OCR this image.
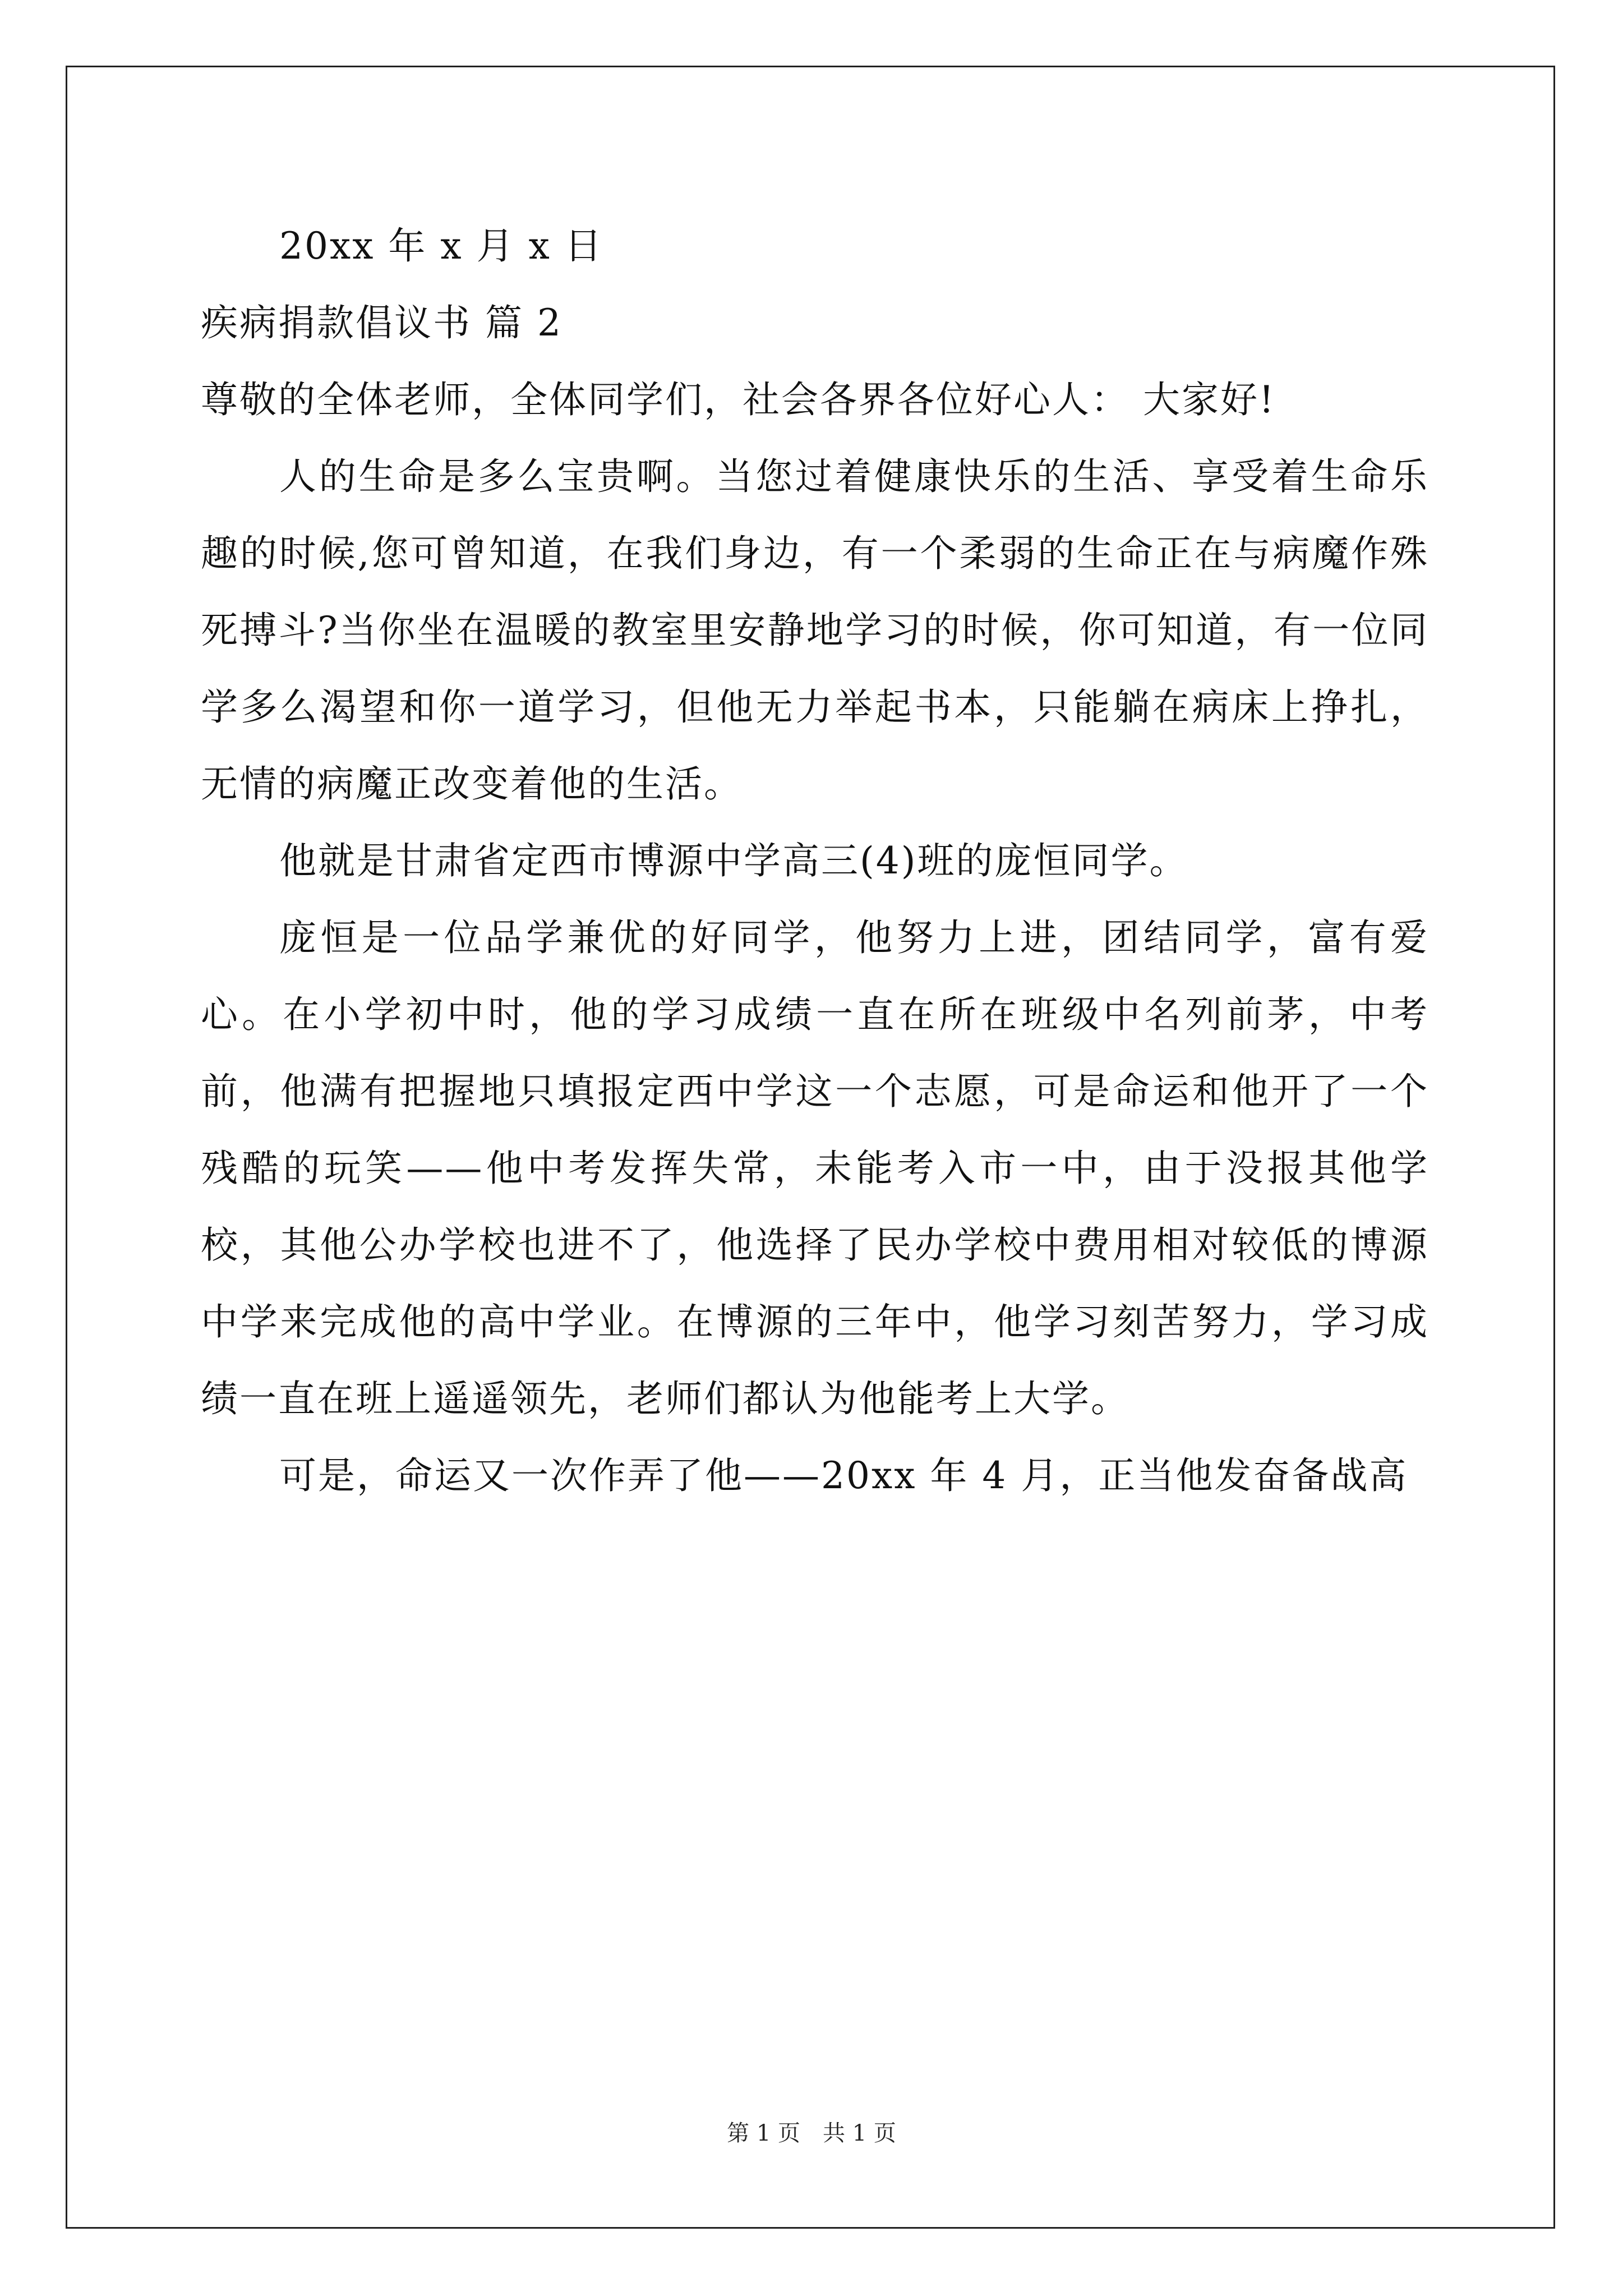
20xx 年 x 月 x 日
疾病捐款倡议书 篇 2
尊敬的全体老师，全体同学们，社会各界各位好心人： 大家好!

人的生命是多么宝贵啊。当您过着健康快乐的生活、享受着生命乐趣的时候,您可曾知道，在我们身边，有一个柔弱的生命正在与病魔作殊死搏斗?当你坐在温暖的教室里安静地学习的时候，你可知道，有一位同学多么渴望和你一道学习，但他无力举起书本，只能躺在病床上挣扎，无情的病魔正改变着他的生活。

他就是甘肃省定西市博源中学高三(4)班的庞恒同学。

庞恒是一位品学兼优的好同学，他努力上进，团结同学，富有爱心。在小学初中时，他的学习成绩一直在所在班级中名列前茅，中考前，他满有把握地只填报定西中学这一个志愿，可是命运和他开了一个残酷的玩笑——他中考发挥失常，未能考入市一中，由于没报其他学校，其他公办学校也进不了，他选择了民办学校中费用相对较低的博源中学来完成他的高中学业。在博源的三年中，他学习刻苦努力，学习成绩一直在班上遥遥领先，老师们都认为他能考上大学。

可是，命运又一次作弄了他——20xx 年 4 月，正当他发奋备战高

第 1 页　共 1 页
